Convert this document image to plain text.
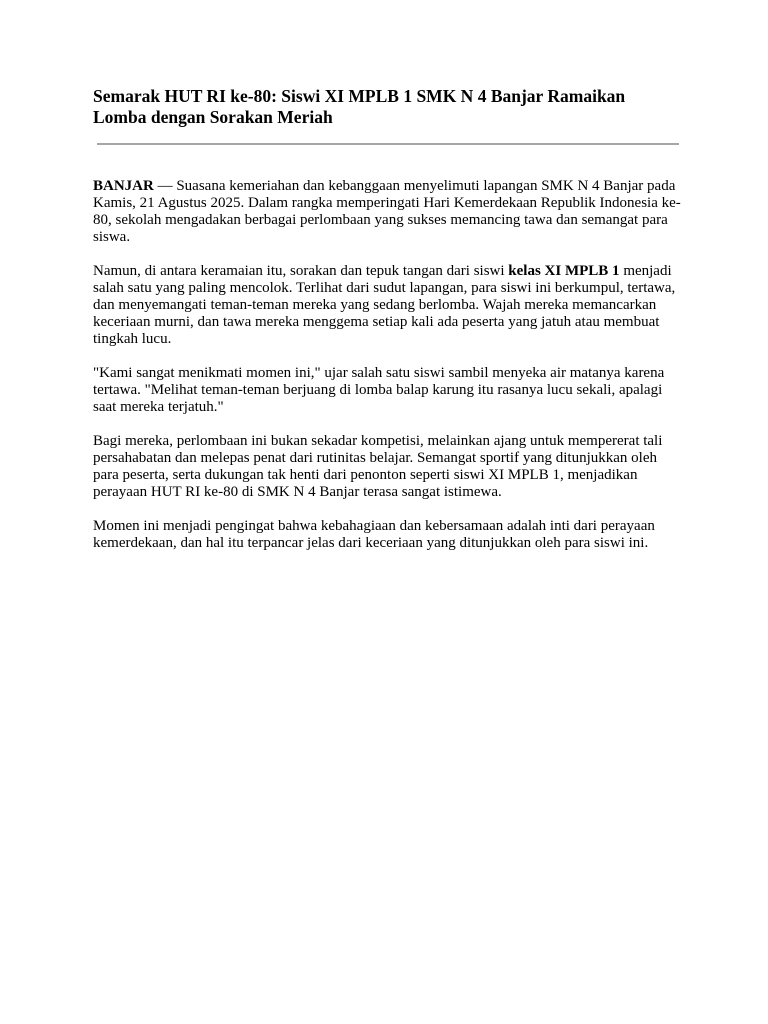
Semarak HUT RI ke-80: Siswi XI MPLB 1 SMK N 4 Banjar Ramaikan Lomba dengan Sorakan Meriah

BANJAR — Suasana kemeriahan dan kebanggaan menyelimuti lapangan SMK N 4 Banjar pada Kamis, 21 Agustus 2025. Dalam rangka memperingati Hari Kemerdekaan Republik Indonesia ke-80, sekolah mengadakan berbagai perlombaan yang sukses memancing tawa dan semangat para siswa.

Namun, di antara keramaian itu, sorakan dan tepuk tangan dari siswi kelas XI MPLB 1 menjadi salah satu yang paling mencolok. Terlihat dari sudut lapangan, para siswi ini berkumpul, tertawa, dan menyemangati teman-teman mereka yang sedang berlomba. Wajah mereka memancarkan keceriaan murni, dan tawa mereka menggema setiap kali ada peserta yang jatuh atau membuat tingkah lucu.

"Kami sangat menikmati momen ini," ujar salah satu siswi sambil menyeka air matanya karena tertawa. "Melihat teman-teman berjuang di lomba balap karung itu rasanya lucu sekali, apalagi saat mereka terjatuh."

Bagi mereka, perlombaan ini bukan sekadar kompetisi, melainkan ajang untuk mempererat tali persahabatan dan melepas penat dari rutinitas belajar. Semangat sportif yang ditunjukkan oleh para peserta, serta dukungan tak henti dari penonton seperti siswi XI MPLB 1, menjadikan perayaan HUT RI ke-80 di SMK N 4 Banjar terasa sangat istimewa.

Momen ini menjadi pengingat bahwa kebahagiaan dan kebersamaan adalah inti dari perayaan kemerdekaan, dan hal itu terpancar jelas dari keceriaan yang ditunjukkan oleh para siswi ini.
